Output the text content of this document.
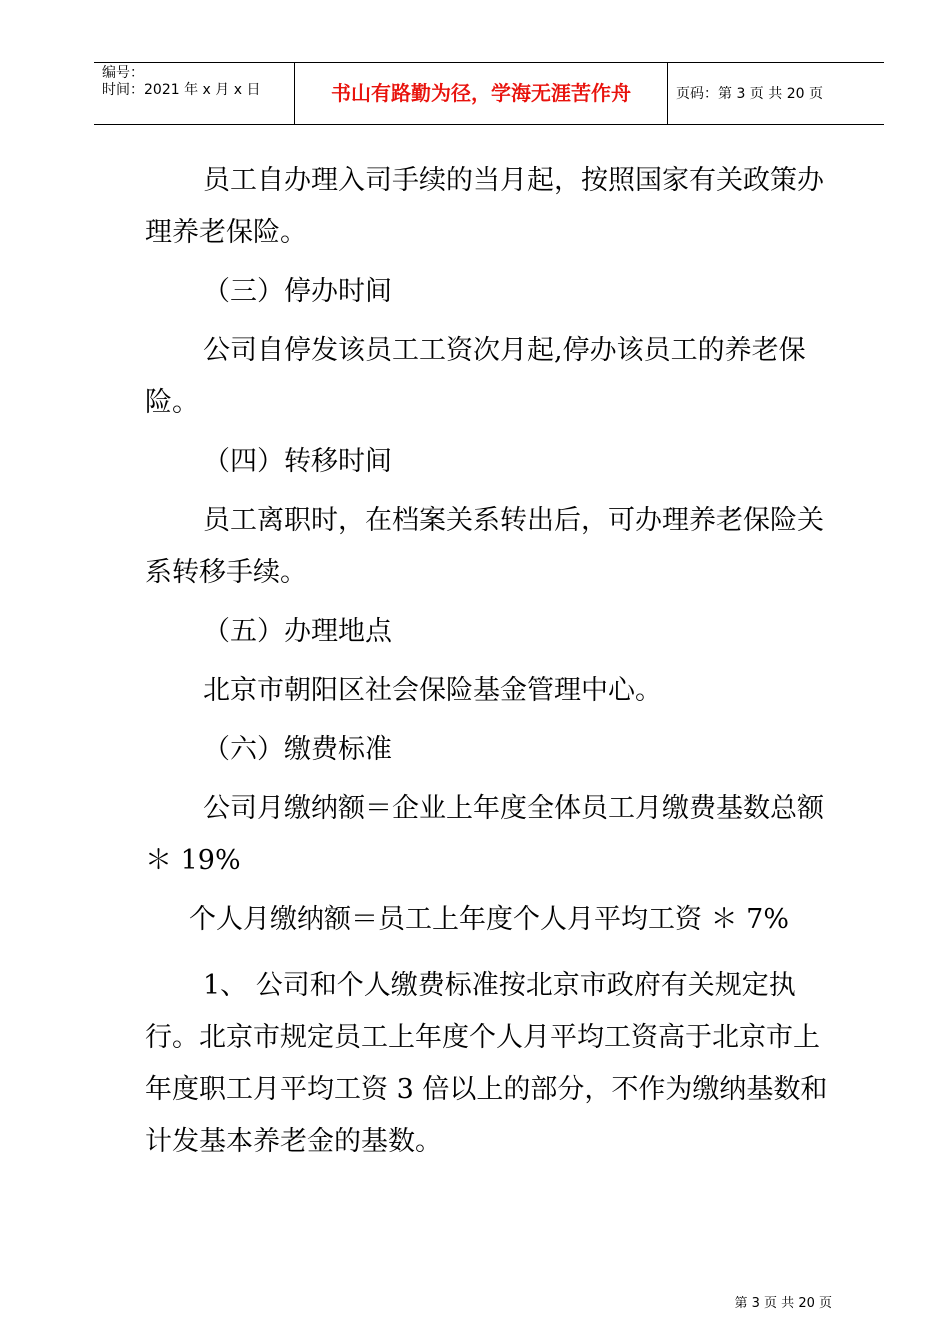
编号：
时间：2021 年 x 月 x 日	书山有路勤为径，学海无涯苦作舟	页码：第 3 页 共 20 页

员工自办理入司手续的当月起，按照国家有关政策办理养老保险。

（三）停办时间

公司自停发该员工工资次月起,停办该员工的养老保险。

（四）转移时间

员工离职时，在档案关系转出后，可办理养老保险关系转移手续。

（五）办理地点

北京市朝阳区社会保险基金管理中心。

（六）缴费标准

公司月缴纳额＝企业上年度全体员工月缴费基数总额 ＊ 19%

个人月缴纳额＝员工上年度个人月平均工资 ＊ 7%

1、 公司和个人缴费标准按北京市政府有关规定执行。北京市规定员工上年度个人月平均工资高于北京市上年度职工月平均工资 3 倍以上的部分，不作为缴纳基数和计发基本养老金的基数。

第 3 页 共 20 页
